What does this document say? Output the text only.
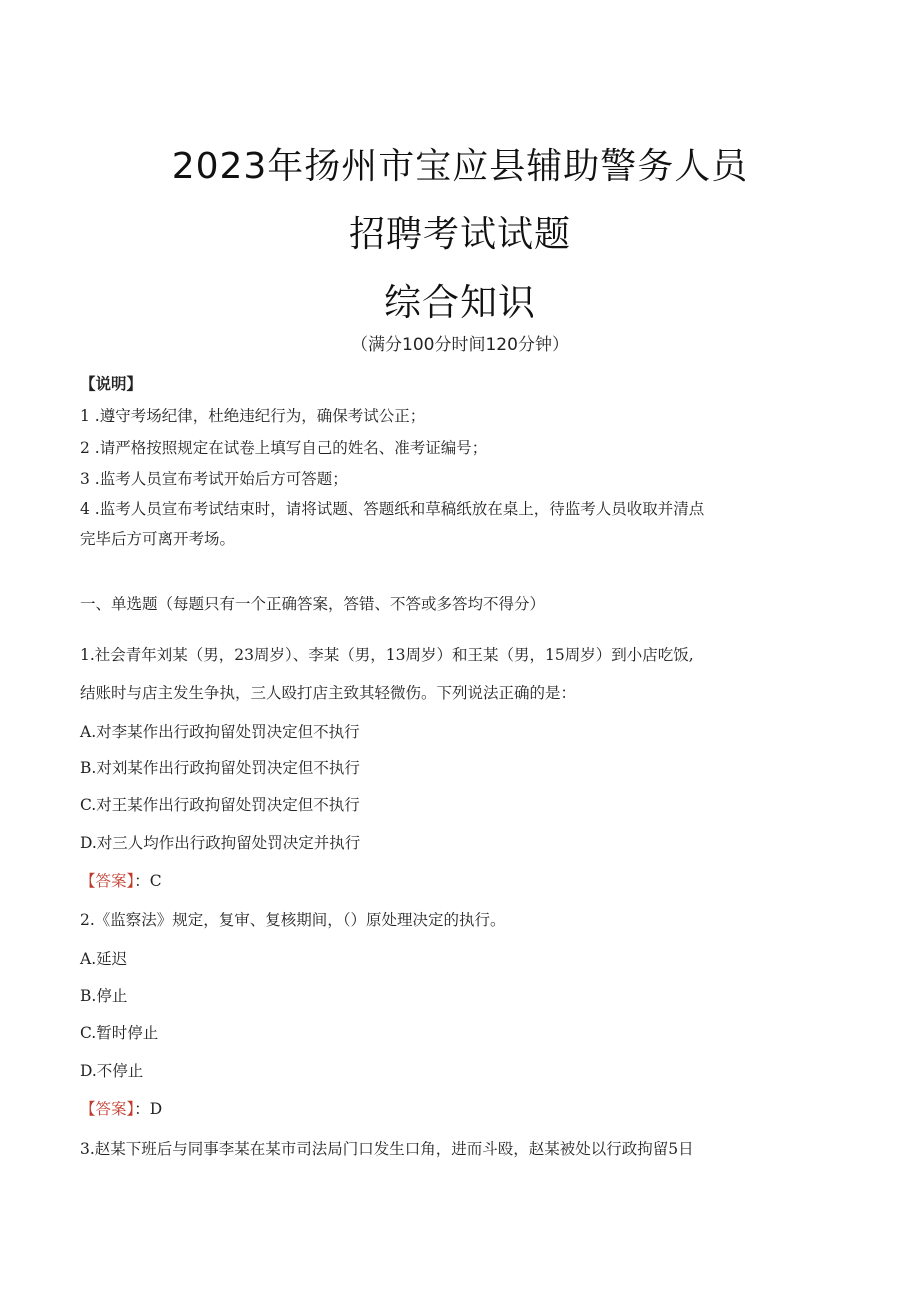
2023年扬州市宝应县辅助警务人员
招聘考试试题
综合知识
（满分100分时间120分钟）
【说明】
1 .遵守考场纪律，杜绝违纪行为，确保考试公正；
2 .请严格按照规定在试卷上填写自己的姓名、准考证编号；
3 .监考人员宣布考试开始后方可答题；
4 .监考人员宣布考试结束时，请将试题、答题纸和草稿纸放在桌上，待监考人员收取并清点
完毕后方可离开考场。
一、单选题（每题只有一个正确答案，答错、不答或多答均不得分）
1.社会青年刘某（男，23周岁）、李某（男，13周岁）和王某（男，15周岁）到小店吃饭,
结账时与店主发生争执，三人殴打店主致其轻微伤。下列说法正确的是：
A.对李某作出行政拘留处罚决定但不执行
B.对刘某作出行政拘留处罚决定但不执行
C.对王某作出行政拘留处罚决定但不执行
D.对三人均作出行政拘留处罚决定并执行
【答案】：C
2.《监察法》规定，复审、复核期间，（）原处理决定的执行。
A.延迟
B.停止
C.暂时停止
D.不停止
【答案】：D
3.赵某下班后与同事李某在某市司法局门口发生口角，进而斗殴，赵某被处以行政拘留5日
